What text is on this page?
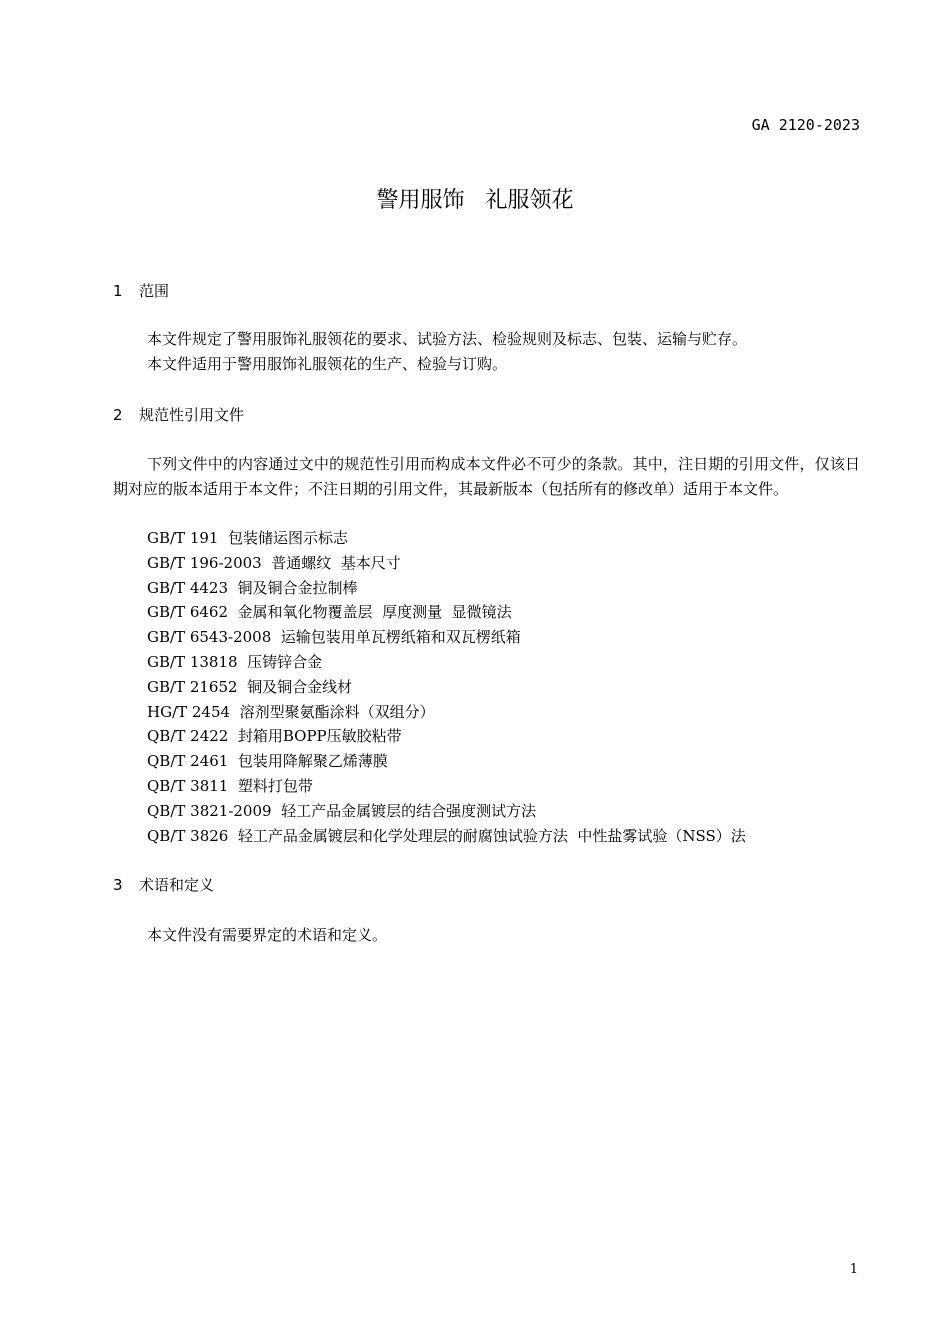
GA 2120-2023
警用服饰   礼服领花
1 范围
本文件规定了警用服饰礼服领花的要求、试验方法、检验规则及标志、包装、运输与贮存。
本文件适用于警用服饰礼服领花的生产、检验与订购。
2 规范性引用文件
下列文件中的内容通过文中的规范性引用而构成本文件必不可少的条款。其中，注日期的引用文件，仅该日期对应的版本适用于本文件；不注日期的引用文件，其最新版本（包括所有的修改单）适用于本文件。
GB/T 191  包装储运图示标志
GB/T 196-2003  普通螺纹  基本尺寸
GB/T 4423  铜及铜合金拉制棒
GB/T 6462  金属和氧化物覆盖层  厚度测量  显微镜法
GB/T 6543-2008  运输包装用单瓦楞纸箱和双瓦楞纸箱
GB/T 13818  压铸锌合金
GB/T 21652  铜及铜合金线材
HG/T 2454  溶剂型聚氨酯涂料（双组分）
QB/T 2422  封箱用BOPP压敏胶粘带
QB/T 2461  包装用降解聚乙烯薄膜
QB/T 3811  塑料打包带
QB/T 3821-2009  轻工产品金属镀层的结合强度测试方法
QB/T 3826  轻工产品金属镀层和化学处理层的耐腐蚀试验方法  中性盐雾试验（NSS）法
3 术语和定义
本文件没有需要界定的术语和定义。
1
